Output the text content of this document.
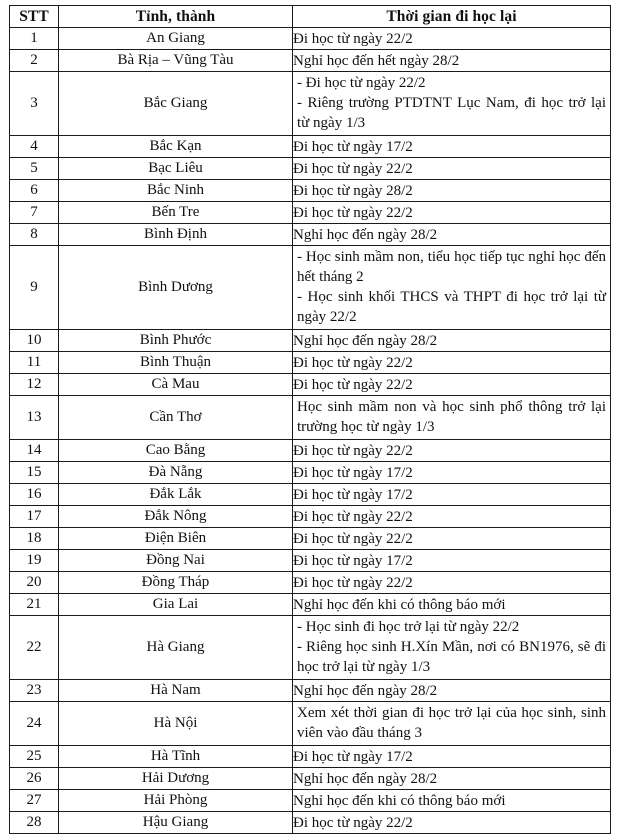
STT	Tỉnh, thành	Thời gian đi học lại
1	An Giang	Đi học từ ngày 22/2

2	Bà Rịa – Vũng Tàu	Nghỉ học đến hết ngày 28/2

3	Bắc Giang	- Đi học từ ngày 22/2
- Riêng trường PTDTNT Lục Nam, đi học trở lại từ ngày 1/3

4	Bắc Kạn	Đi học từ ngày 17/2

5	Bạc Liêu	Đi học từ ngày 22/2

6	Bắc Ninh	Đi học từ ngày 28/2

7	Bến Tre	Đi học từ ngày 22/2

8	Bình Định	Nghỉ học đến ngày 28/2

9	Bình Dương	- Học sinh mầm non, tiểu học tiếp tục nghỉ học đến hết tháng 2
- Học sinh khối THCS và THPT đi học trở lại từ ngày 22/2

10	Bình Phước	Nghỉ học đến ngày 28/2

11	Bình Thuận	Đi học từ ngày 22/2

12	Cà Mau	Đi học từ ngày 22/2

13	Cần Thơ	Học sinh mầm non và học sinh phổ thông trở lại trường học từ ngày 1/3

14	Cao Bằng	Đi học từ ngày 22/2

15	Đà Nẵng	Đi học từ ngày 17/2

16	Đắk Lắk	Đi học từ ngày 17/2

17	Đắk Nông	Đi học từ ngày 22/2

18	Điện Biên	Đi học từ ngày 22/2

19	Đồng Nai	Đi học từ ngày 17/2

20	Đồng Tháp	Đi học từ ngày 22/2

21	Gia Lai	Nghỉ học đến khi có thông báo mới

22	Hà Giang	- Học sinh đi học trở lại từ ngày 22/2
- Riêng học sinh H.Xín Mần, nơi có BN1976, sẽ đi học trở lại từ ngày 1/3

23	Hà Nam	Nghỉ học đến ngày 28/2

24	Hà Nội	Xem xét thời gian đi học trở lại của học sinh, sinh viên vào đầu tháng 3

25	Hà Tĩnh	Đi học từ ngày 17/2

26	Hải Dương	Nghỉ học đến ngày 28/2

27	Hải Phòng	Nghỉ học đến khi có thông báo mới

28	Hậu Giang	Đi học từ ngày 22/2
